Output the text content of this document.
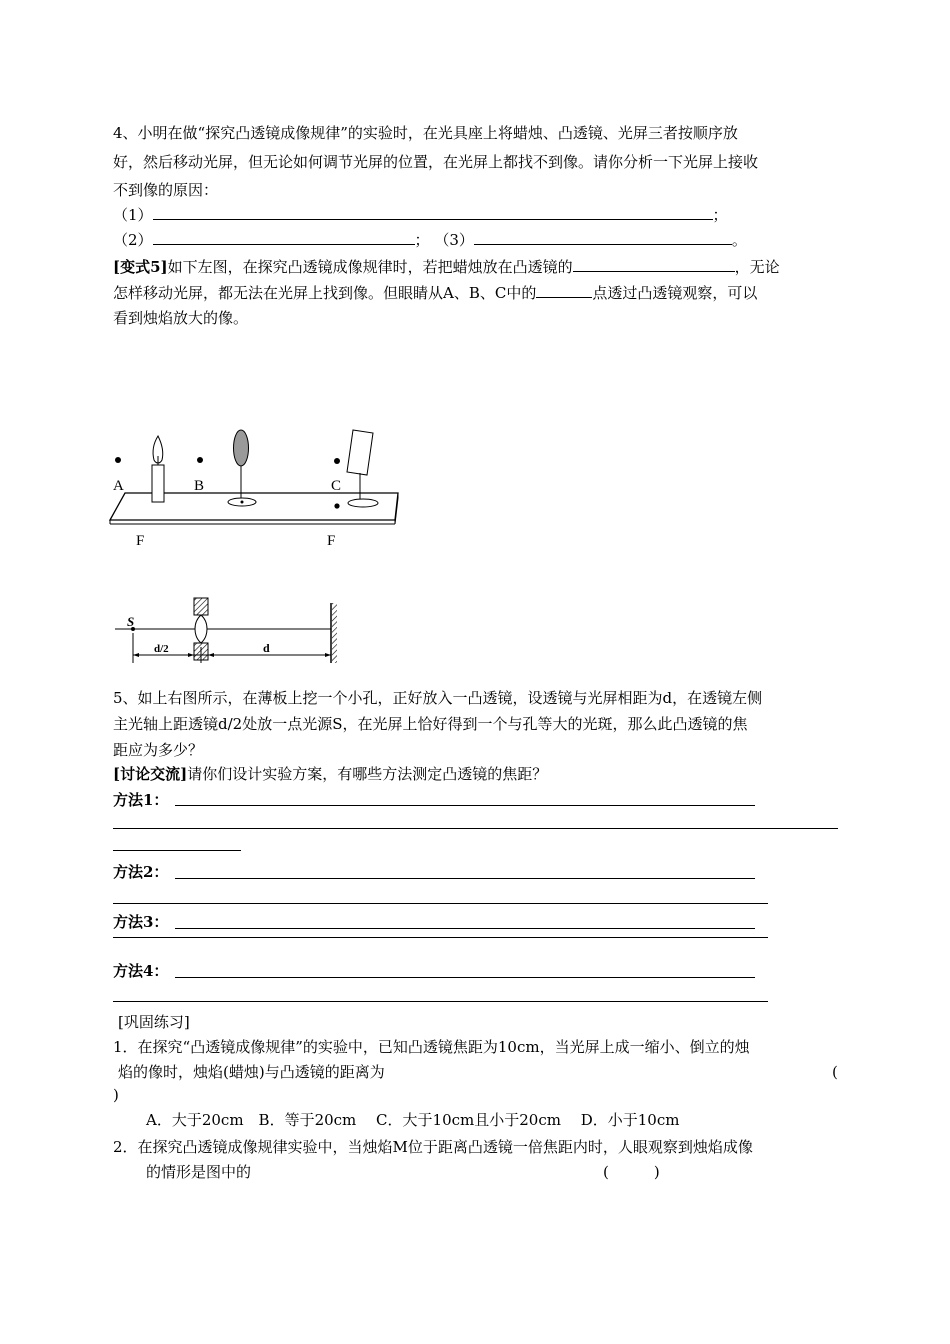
4、小明在做“探究凸透镜成像规律”的实验时，在光具座上将蜡烛、凸透镜、光屏三者按顺序放
好，然后移动光屏，但无论如何调节光屏的位置，在光屏上都找不到像。请你分析一下光屏上接收
不到像的原因：
（1）	；
（2）	； （3）	。
[变式5]如下左图，在探究凸透镜成像规律时，若把蜡烛放在凸透镜的	，无论
怎样移动光屏，都无法在光屏上找到像。但眼睛从A、B、C中的	点透过凸透镜观察，可以
看到烛焰放大的像。
A	B	C
F	F
S
d/2	d
5、如上右图所示，在薄板上挖一个小孔，正好放入一凸透镜，设透镜与光屏相距为d，在透镜左侧
主光轴上距透镜d/2处放一点光源S，在光屏上恰好得到一个与孔等大的光斑，那么此凸透镜的焦
距应为多少？
[讨论交流]请你们设计实验方案，有哪些方法测定凸透镜的焦距？
方法1：
方法2：
方法3：
方法4：
[巩固练习]
1．在探究“凸透镜成像规律”的实验中，已知凸透镜焦距为10cm，当光屏上成一缩小、倒立的烛
焰的像时，烛焰(蜡烛)与凸透镜的距离为	(
)
A．大于20cm　B．等于20cm　 C．大于10cm且小于20cm　 D．小于10cm
2．在探究凸透镜成像规律实验中，当烛焰M位于距离凸透镜一倍焦距内时，人眼观察到烛焰成像
的情形是图中的	(　　　)
